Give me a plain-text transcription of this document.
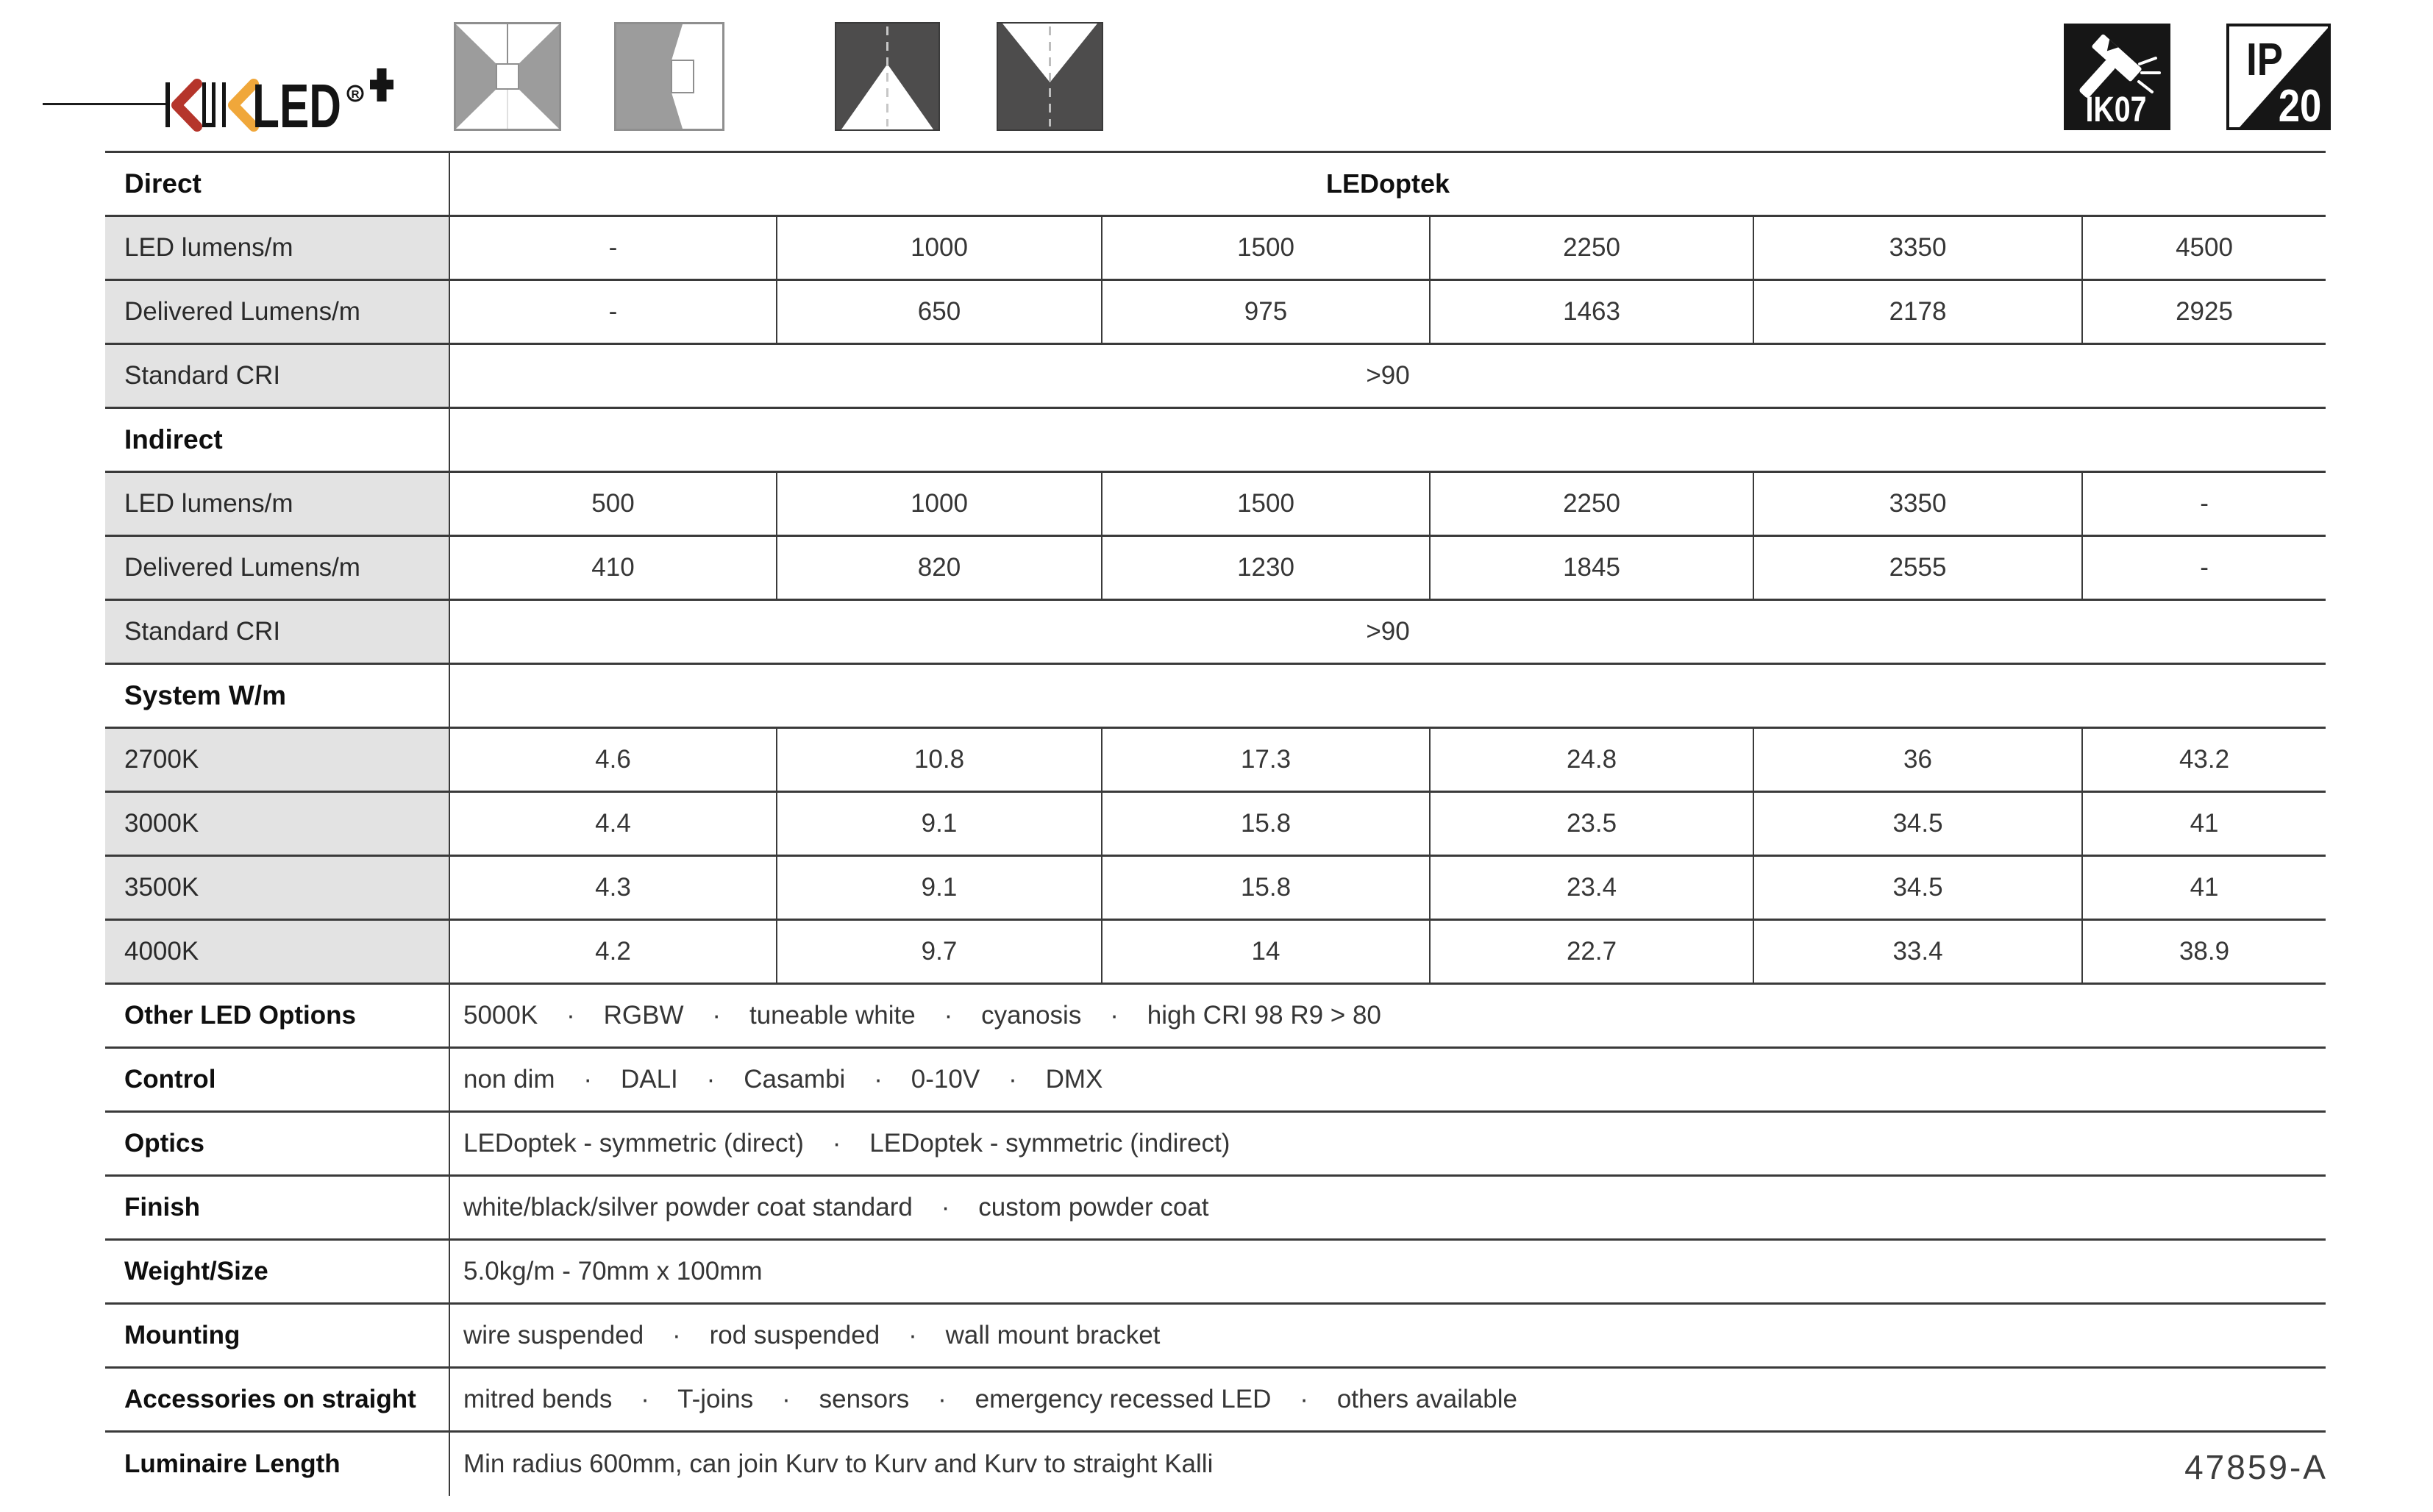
LED R	IK07
IP
20
Direct	LEDoptek					
LED lumens/m	-	1000	1500	2250	3350	4500
Delivered Lumens/m	-	650	975	1463	2178	2925
Standard CRI	>90					
Indirect						
LED lumens/m	500	1000	1500	2250	3350	-
Delivered Lumens/m	410	820	1230	1845	2555	-
Standard CRI	>90					
System W/m						
2700K	4.6	10.8	17.3	24.8	36	43.2
3000K	4.4	9.1	15.8	23.5	34.5	41
3500K	4.3	9.1	15.8	23.4	34.5	41
4000K	4.2	9.7	14	22.7	33.4	38.9
Other LED Options	5000K    ·    RGBW    ·    tuneable white    ·    cyanosis    ·    high CRI 98 R9 > 80					
Control	non dim    ·    DALI    ·    Casambi    ·    0-10V    ·    DMX					
Optics	LEDoptek - symmetric (direct)    ·    LEDoptek - symmetric (indirect)					
Finish	white/black/silver powder coat standard    ·    custom powder coat					
Weight/Size	5.0kg/m - 70mm x 100mm					
Mounting	wire suspended    ·    rod suspended    ·    wall mount bracket					
Accessories on straight	mitred bends    ·    T-joins    ·    sensors    ·    emergency recessed LED    ·    others available					
Luminaire Length	Min radius 600mm, can join Kurv to Kurv and Kurv to straight Kalli						47859-A
